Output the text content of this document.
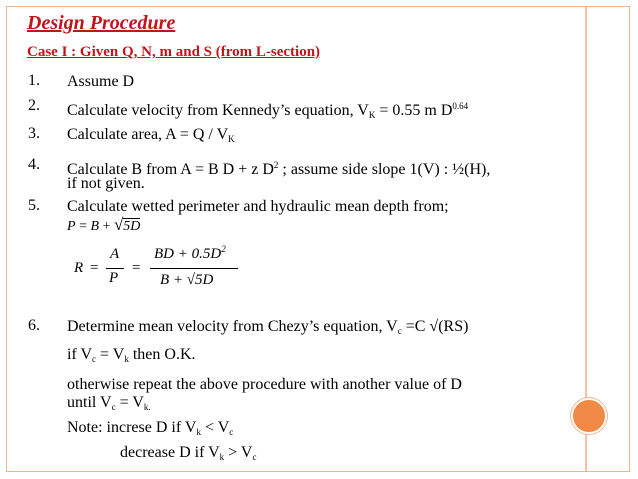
Design Procedure
Case I : Given Q, N, m and S (from L-section)
1. Assume D
2. Calculate velocity from Kennedy’s equation, $V_K = 0.55$ m $D^{0.64}$
3. Calculate area, $A = Q / V_K$
4. Calculate B from A = B D + z $D^2$ ; assume side slope 1(V) : ½(H),
if not given.
5. Calculate wetted perimeter and hydraulic mean depth from;
P = B + √5D
R =
A
P
=
BD + $0.5D^2$
B + √5D
6. Determine mean velocity from Chezy’s equation, $V_c =C$ √(RS)
if $V_c = V_k$ then O.K.
otherwise repeat the above procedure with another value of D
until $V_c = V_{k.}$
Note: increse D if $V_k < V_c$
decrease D if $V_k > V_c$
